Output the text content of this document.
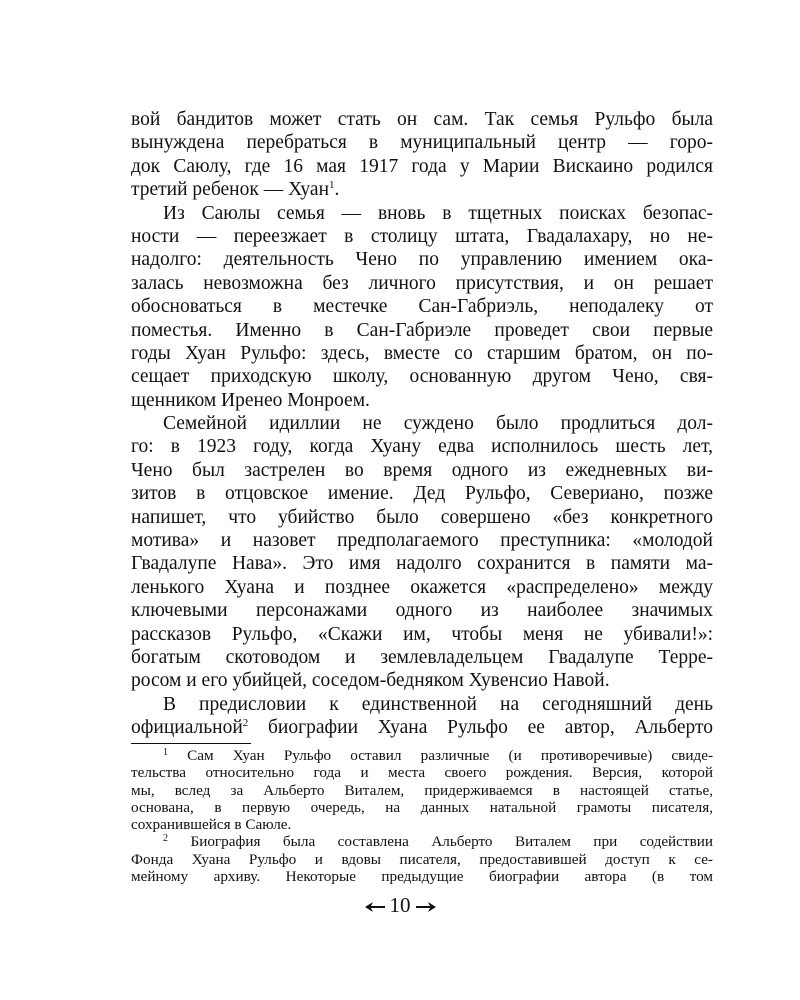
вой бандитов может стать он сам. Так семья Рульфо была
вынуждена перебраться в муниципальный центр — горо-
док Саюлу, где 16 мая 1917 года у Марии Вискаино родился
третий ребенок — Хуан$^1$.
Из Саюлы семья — вновь в тщетных поисках безопас-
ности — переезжает в столицу штата, Гвадалахару, но не-
надолго: деятельность Чено по управлению имением ока-
залась невозможна без личного присутствия, и он решает
обосноваться в местечке Сан-Габриэль, неподалеку от
поместья. Именно в Сан-Габриэле проведет свои первые
годы Хуан Рульфо: здесь, вместе со старшим братом, он по-
сещает приходскую школу, основанную другом Чено, свя-
щенником Иренео Монроем.
Семейной идиллии не суждено было продлиться дол-
го: в 1923 году, когда Хуану едва исполнилось шесть лет,
Чено был застрелен во время одного из ежедневных ви-
зитов в отцовское имение. Дед Рульфо, Севериано, позже
напишет, что убийство было совершено «без конкретного
мотива» и назовет предполагаемого преступника: «молодой
Гвадалупе Нава». Это имя надолго сохранится в памяти ма-
ленького Хуана и позднее окажется «распределено» между
ключевыми персонажами одного из наиболее значимых
рассказов Рульфо, «Скажи им, чтобы меня не убивали!»:
богатым скотоводом и землевладельцем Гвадалупе Терре-
росом и его убийцей, соседом-бедняком Хувенсио Навой.
В предисловии к единственной на сегодняшний день
официальной$^2$ биографии Хуана Рульфо ее автор, Альберто
$^1$ Сам Хуан Рульфо оставил различные (и противоречивые) свиде-
тельства относительно года и места своего рождения. Версия, которой
мы, вслед за Альберто Виталем, придерживаемся в настоящей статье,
основана, в первую очередь, на данных натальной грамоты писателя,
сохранившейся в Саюле.
$^2$ Биография была составлена Альберто Виталем при содействии
Фонда Хуана Рульфо и вдовы писателя, предоставившей доступ к се-
мейному архиву. Некоторые предыдущие биографии автора (в том
10
